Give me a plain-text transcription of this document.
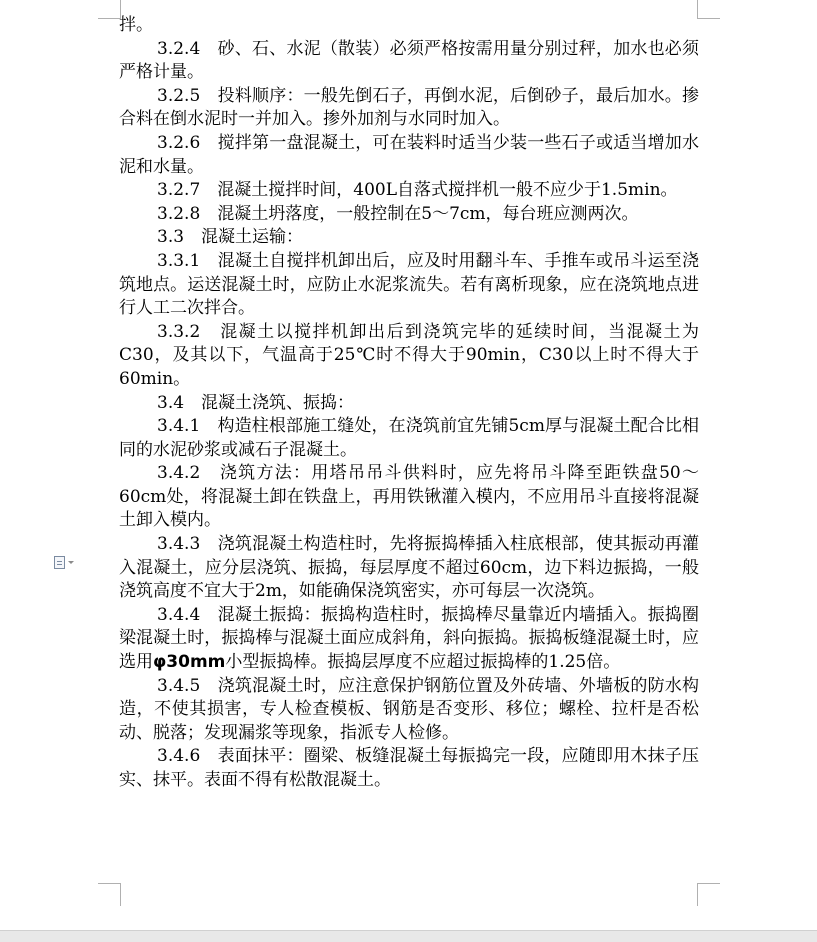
拌。

3.2.4　砂、石、水泥（散装）必须严格按需用量分别过秤，加水也必须严格计量。

3.2.5　投料顺序：一般先倒石子，再倒水泥，后倒砂子，最后加水。掺合料在倒水泥时一并加入。掺外加剂与水同时加入。

3.2.6　搅拌第一盘混凝土，可在装料时适当少装一些石子或适当增加水泥和水量。

3.2.7　混凝土搅拌时间，400L自落式搅拌机一般不应少于1.5min。

3.2.8　混凝土坍落度，一般控制在5～7cm，每台班应测两次。

3.3　混凝土运输：

3.3.1　混凝土自搅拌机卸出后，应及时用翻斗车、手推车或吊斗运至浇筑地点。运送混凝土时，应防止水泥浆流失。若有离析现象，应在浇筑地点进行人工二次拌合。

3.3.2　混凝土以搅拌机卸出后到浇筑完毕的延续时间，当混凝土为C30，及其以下，气温高于25℃时不得大于90min，C30以上时不得大于60min。

3.4　混凝土浇筑、振捣：

3.4.1　构造柱根部施工缝处，在浇筑前宜先铺5cm厚与混凝土配合比相同的水泥砂浆或减石子混凝土。

3.4.2　浇筑方法：用塔吊吊斗供料时，应先将吊斗降至距铁盘50～60cm处，将混凝土卸在铁盘上，再用铁锹灌入模内，不应用吊斗直接将混凝土卸入模内。

3.4.3　浇筑混凝土构造柱时，先将振捣棒插入柱底根部，使其振动再灌入混凝土，应分层浇筑、振捣，每层厚度不超过60cm，边下料边振捣，一般浇筑高度不宜大于2m，如能确保浇筑密实，亦可每层一次浇筑。

3.4.4　混凝土振捣：振捣构造柱时，振捣棒尽量靠近内墙插入。振捣圈梁混凝土时，振捣棒与混凝土面应成斜角，斜向振捣。振捣板缝混凝土时，应选用φ30mm小型振捣棒。振捣层厚度不应超过振捣棒的1.25倍。

3.4.5　浇筑混凝土时，应注意保护钢筋位置及外砖墙、外墙板的防水构造，不使其损害，专人检查模板、钢筋是否变形、移位；螺栓、拉杆是否松动、脱落；发现漏浆等现象，指派专人检修。

3.4.6　表面抹平：圈梁、板缝混凝土每振捣完一段，应随即用木抹子压实、抹平。表面不得有松散混凝土。
